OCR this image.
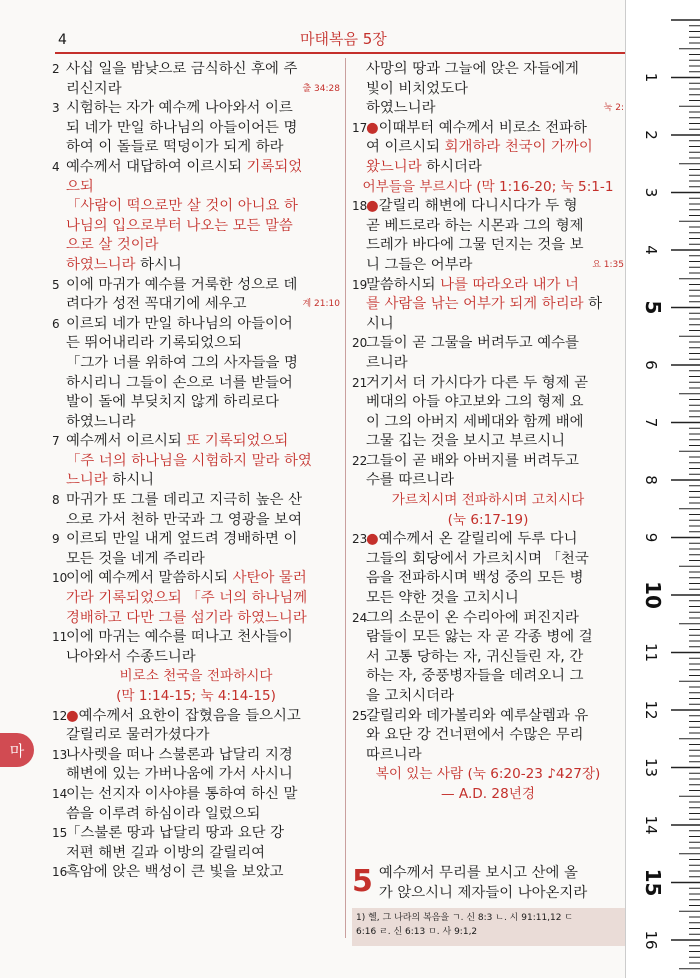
4	마태복음 5장
2 사십 일을 밤낮으로 금식하신 후에 주
출 34:28
리신지라
3 시험하는 자가 예수께 나아와서 이르
되 네가 만일 하나님의 아들이어든 명
하여 이 돌들로 떡덩이가 되게 하라
4 예수께서 대답하여 이르시되 기록되었
으되
「사람이 떡으로만 살 것이 아니요 하
나님의 입으로부터 나오는 모든 말씀
으로 살 것이라
하였느니라 하시니
5 이에 마귀가 예수를 거룩한 성으로 데
계 21:10
려다가 성전 꼭대기에 세우고
6 이르되 네가 만일 하나님의 아들이어
든 뛰어내리라 기록되었으되
「그가 너를 위하여 그의 사자들을 명
하시리니 그들이 손으로 너를 받들어
발이 돌에 부딪치지 않게 하리로다
하였느니라
7 예수께서 이르시되 또 기록되었으되
「주 너의 하나님을 시험하지 말라 하였
느니라 하시니
8 마귀가 또 그를 데리고 지극히 높은 산
으로 가서 천하 만국과 그 영광을 보여
9 이르되 만일 내게 엎드려 경배하면 이
모든 것을 네게 주리라
10이에 예수께서 말씀하시되 사탄아 물러
가라 기록되었으되 「주 너의 하나님께
경배하고 다만 그를 섬기라 하였느니라
11이에 마귀는 예수를 떠나고 천사들이
나아와서 수종드니라
비로소 천국을 전파하시다
(막 1:14-15; 눅 4:14-15)
12●예수께서 요한이 잡혔음을 들으시고
갈릴리로 물러가셨다가
13나사렛을 떠나 스불론과 납달리 지경
해변에 있는 가버나움에 가서 사시니
14이는 선지자 이사야를 통하여 하신 말
씀을 이루려 하심이라 일렀으되
15「스불론 땅과 납달리 땅과 요단 강
저편 해변 길과 이방의 갈릴리여
16흑암에 앉은 백성이 큰 빛을 보았고
사망의 땅과 그늘에 앉은 자들에게
빛이 비치었도다
눅 2:
하였느니라
17●이때부터 예수께서 비로소 전파하
여 이르시되 회개하라 천국이 가까이
왔느니라 하시더라
어부들을 부르시다 (막 1:16-20; 눅 5:1-1
18●갈릴리 해변에 다니시다가 두 형
곧 베드로라 하는 시몬과 그의 형제
드레가 바다에 그물 던지는 것을 보
요 1:35
니 그들은 어부라
19말씀하시되 나를 따라오라 내가 너
를 사람을 낚는 어부가 되게 하리라 하
시니
20그들이 곧 그물을 버려두고 예수를
르니라
21거기서 더 가시다가 다른 두 형제 곧
베대의 아들 야고보와 그의 형제 요
이 그의 아버지 세베대와 함께 배에
그물 깁는 것을 보시고 부르시니
22그들이 곧 배와 아버지를 버려두고
수를 따르니라
가르치시며 전파하시며 고치시다
(눅 6:17-19)
23●예수께서 온 갈릴리에 두루 다니
그들의 회당에서 가르치시며 「천국
음을 전파하시며 백성 중의 모든 병
모든 약한 것을 고치시니
24그의 소문이 온 수리아에 퍼진지라
람들이 모든 앓는 자 곧 각종 병에 걸
서 고통 당하는 자, 귀신들린 자, 간
하는 자, 중풍병자들을 데려오니 그
을 고치시더라
25갈릴리와 데가볼리와 예루살렘과 유
와 요단 강 건너편에서 수많은 무리
따르니라
복이 있는 사람 (눅 6:20-23 ♪427장)
— A.D. 28년경
5 예수께서 무리를 보시고 산에 올
가 앉으시니 제자들이 나아온지라
1) 헬, 그 나라의 복음을 ㄱ. 신 8:3 ㄴ. 시 91:11,12 ㄷ
6:16 ㄹ. 신 6:13 ㅁ. 사 9:1,2
마
1
2
3
4
5
6
7
8
9
10
11
12
13
14
15
16
